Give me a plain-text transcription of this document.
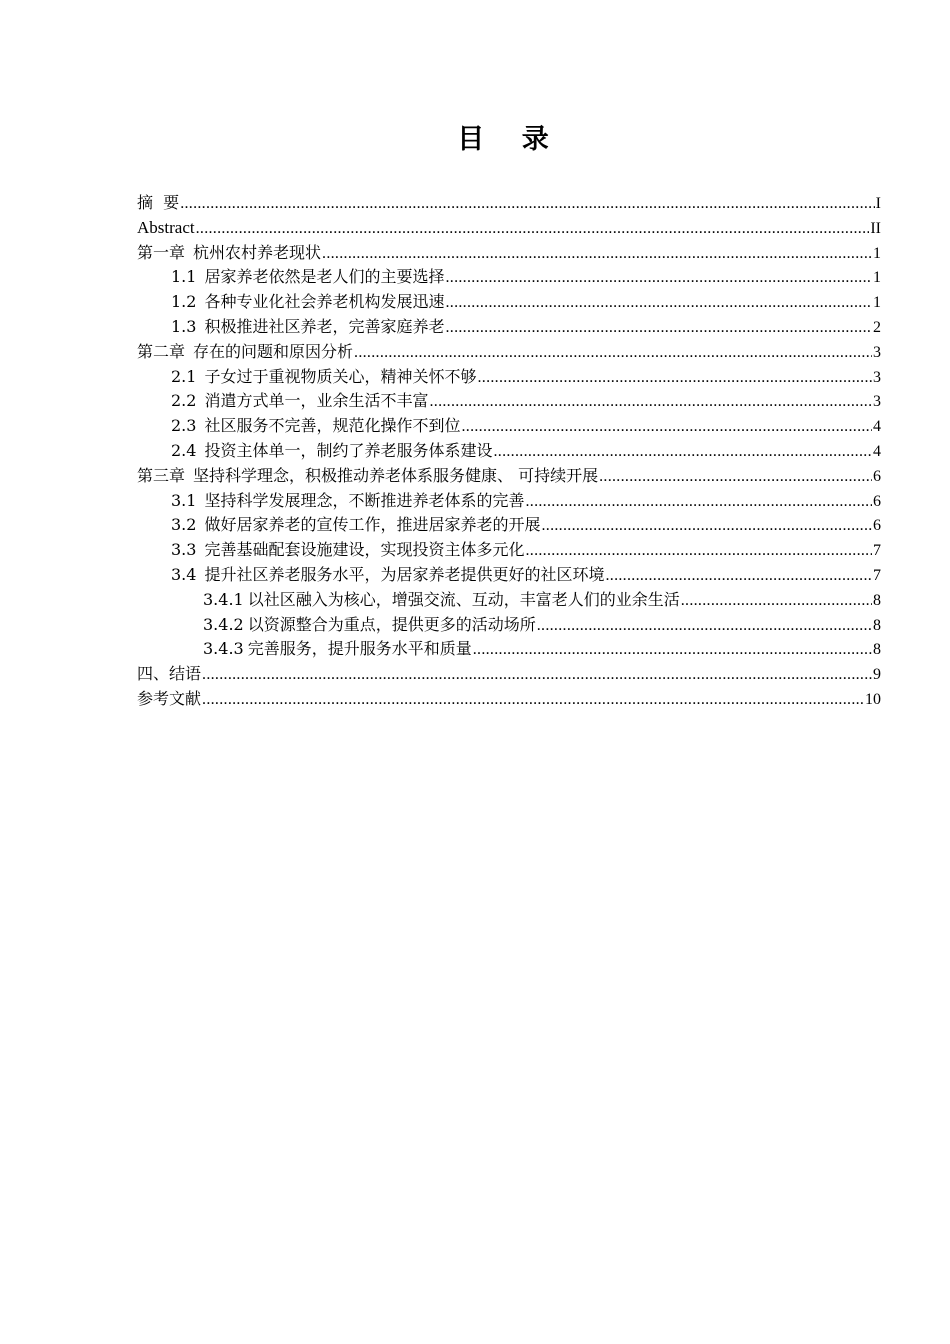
目 录
摘  要 .....	I
Abstract .....	II
第一章 杭州农村养老现状 .....	1
1.1 居家养老依然是老人们的主要选择 .....	1
1.2 各种专业化社会养老机构发展迅速 .....	1
1.3 积极推进社区养老，完善家庭养老 .....	2
第二章 存在的问题和原因分析 .....	3
2.1 子女过于重视物质关心，精神关怀不够 .....	3
2.2 消遣方式单一，业余生活不丰富 .....	3
2.3 社区服务不完善，规范化操作不到位 .....	4
2.4 投资主体单一，制约了养老服务体系建设 .....	4
第三章 坚持科学理念，积极推动养老体系服务健康、 可持续开展 .....	6
3.1 坚持科学发展理念，不断推进养老体系的完善 .....	6
3.2 做好居家养老的宣传工作，推进居家养老的开展 .....	6
3.3 完善基础配套设施建设，实现投资主体多元化 .....	7
3.4 提升社区养老服务水平，为居家养老提供更好的社区环境 .....	7
3.4.1 以社区融入为核心，增强交流、互动，丰富老人们的业余生活 .....	8
3.4.2 以资源整合为重点，提供更多的活动场所 .....	8
3.4.3 完善服务，提升服务水平和质量 .....	8
四、结语 .....	9
参考文献 .....	10
